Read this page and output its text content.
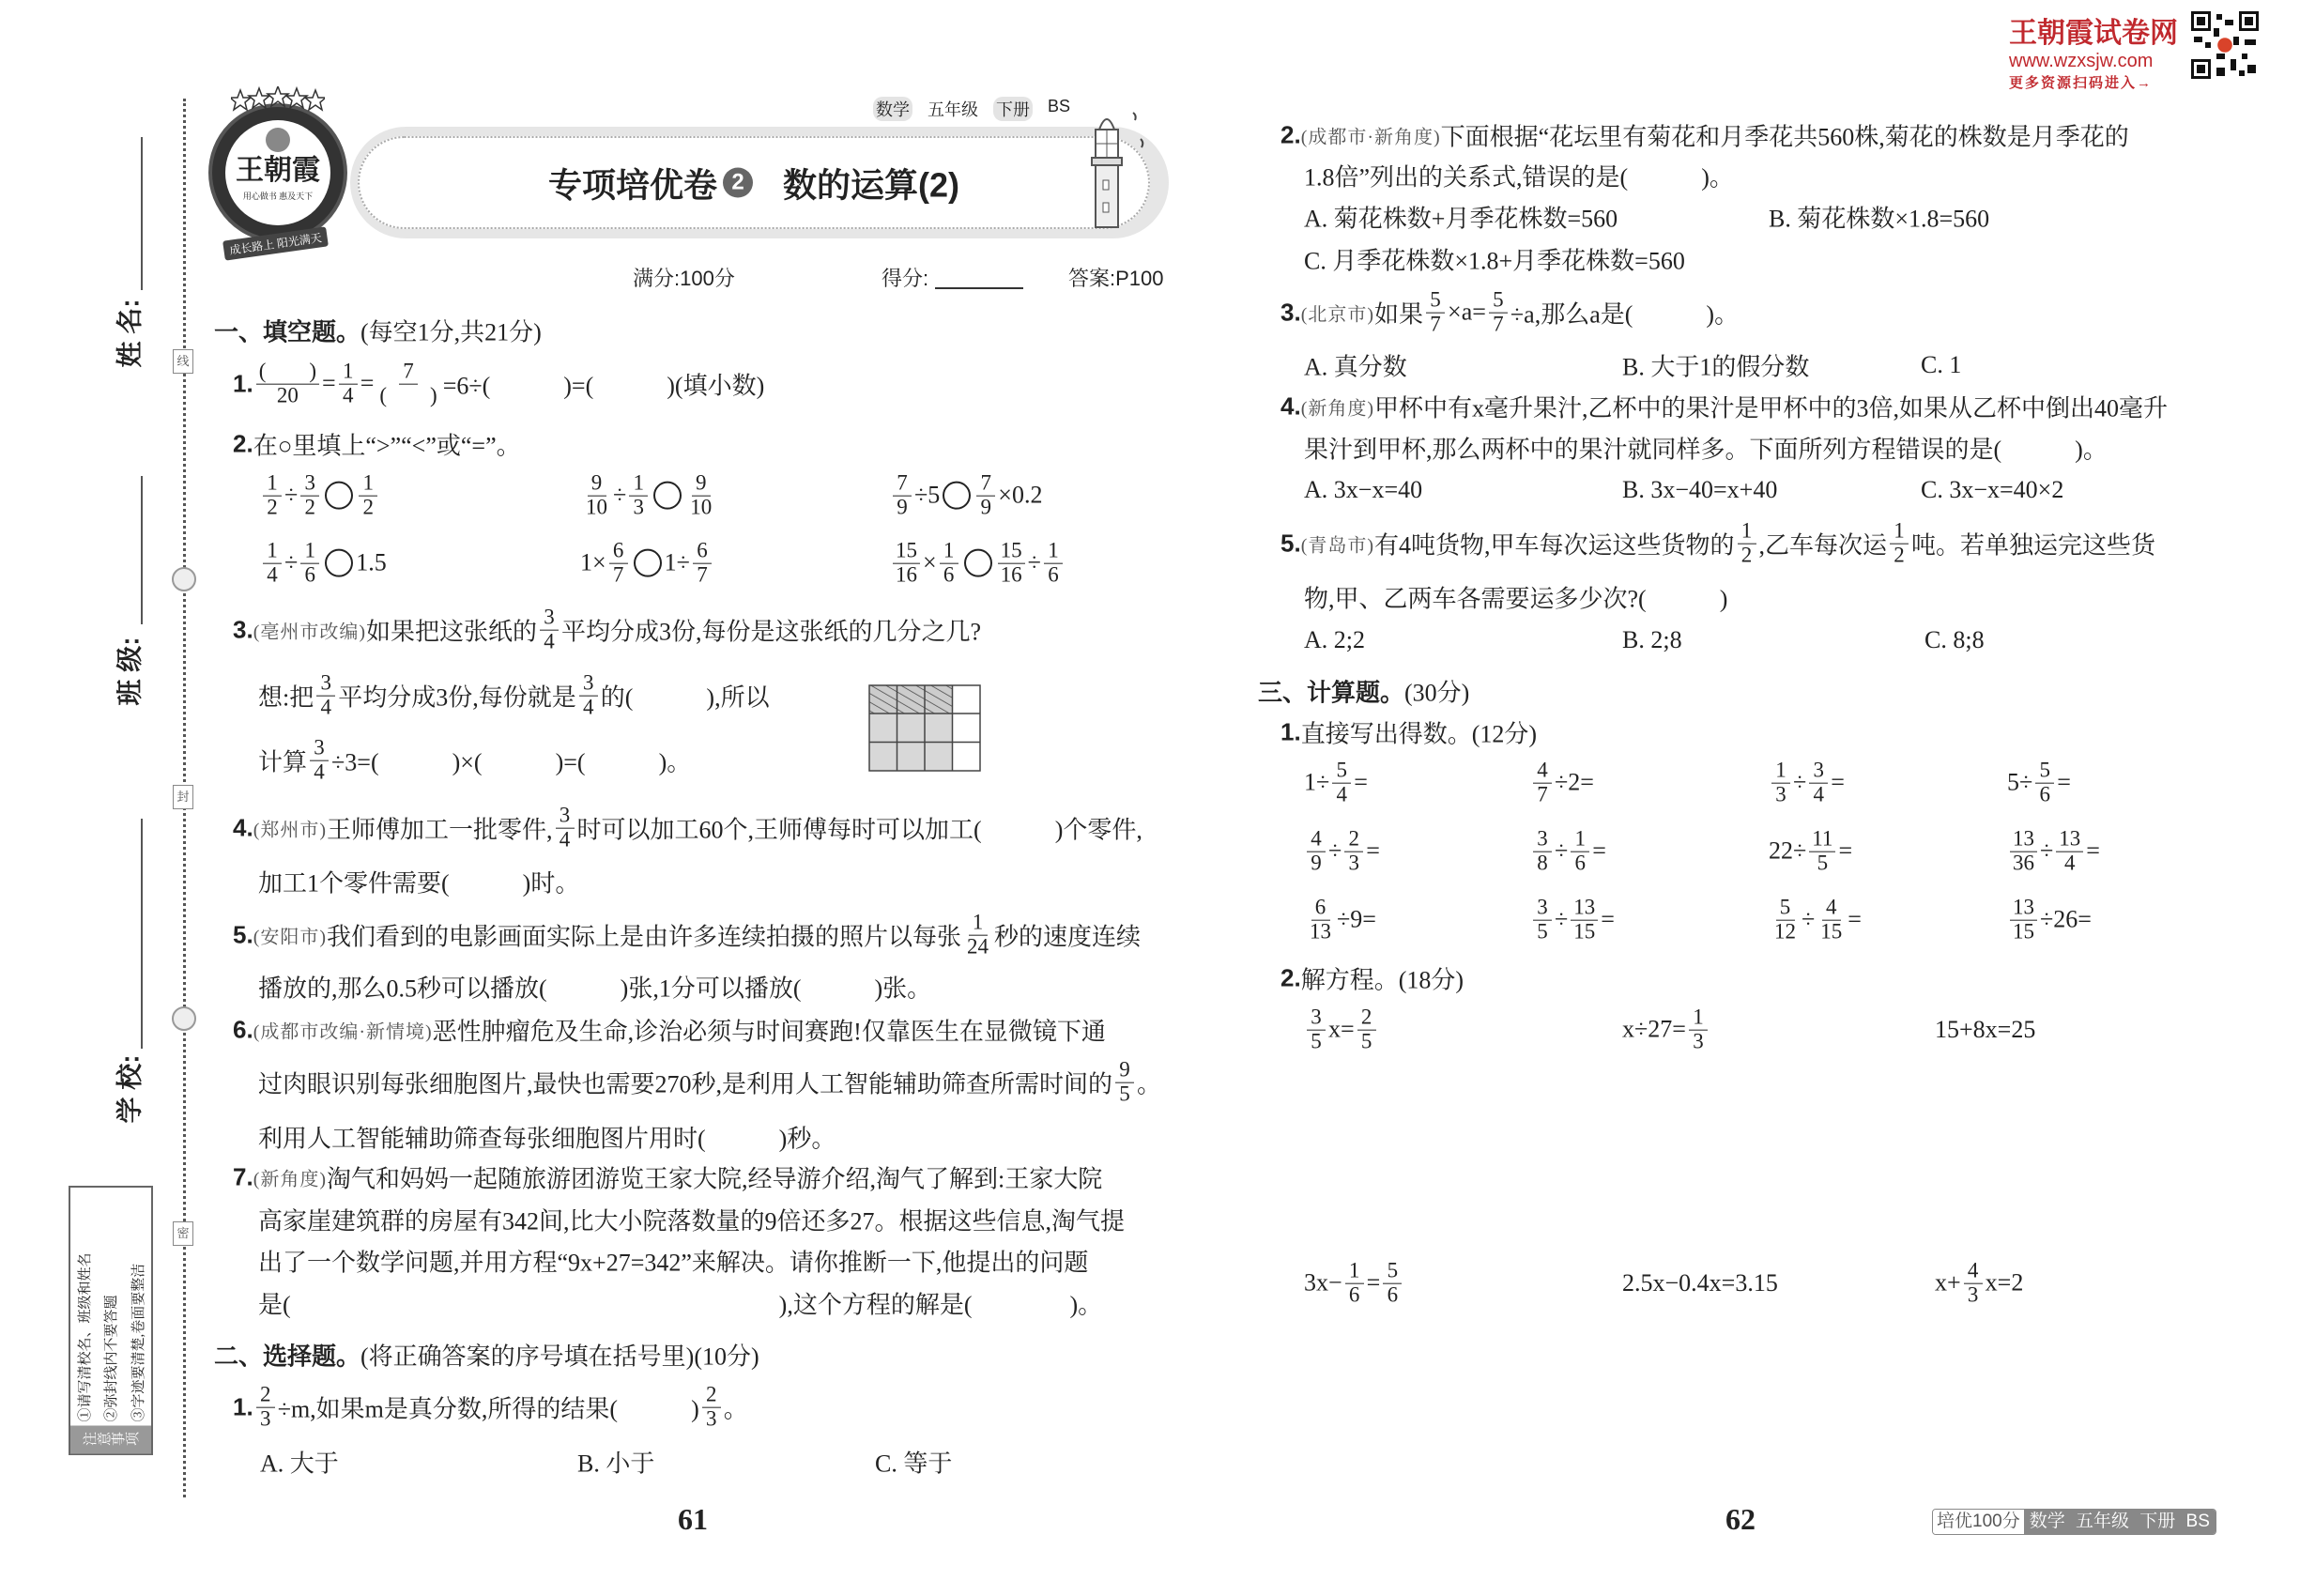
王朝霞试卷网
www.wzxsjw.com
更多资源扫码进入→
线
封
密
姓 名:
班 级:
学 校:
注意事项
①请写清校名、班级和姓名 ②弥封线内不要答题 ③字迹要清楚,卷面要整洁
专项培优卷 2 数的运算(2)
王朝霞
用心做书 惠及天下
成长路上 阳光满天
数学 五年级 下册 BS
满分:100分	得分:	答案:P100
一、填空题。 (每空1分,共21分)
1. $\frac{( )}{20} = \frac{1}{4} = \frac{7}{( )} =6\div$(　　　)=(　　　)(填小数)
2. 在○里填上“>”“<”或“=”。
$\frac{1}{2} \div \frac{3}{2} \frac{1}{2}$	$\frac{9}{10} \div \frac{1}{3} \frac{9}{10}$	$\frac{7}{9} \div 5 \frac{7}{9} \times 0.2$
$\frac{1}{4} \div \frac{1}{6} 1.5$	$1\times \frac{6}{7} 1\div \frac{6}{7}$	$\frac{15}{16} \times \frac{1}{6} \frac{15}{16} \div \frac{1}{6}$
3. (亳州市改编) 如果把这张纸的 $\frac{3}{4}$ 平均分成3份,每份是这张纸的几分之几?
想:把 $\frac{3}{4}$ 平均分成3份,每份就是 $\frac{3}{4}$ 的(　　　),所以
计算 $\frac{3}{4} \div 3=$(　　　)×(　　　)=(　　　)。
4. (郑州市) 王师傅加工一批零件, $\frac{3}{4}$ 时可以加工60个,王师傅每时可以加工(　　　)个零件,
加工1个零件需要(　　　)时。
5. (安阳市) 我们看到的电影画面实际上是由许多连续拍摄的照片以每张 $\frac{1}{24}$ 秒的速度连续
播放的,那么0.5秒可以播放(　　　)张,1分可以播放(　　　)张。
6. (成都市改编·新情境) 恶性肿瘤危及生命,诊治必须与时间赛跑!仅靠医生在显微镜下通
过肉眼识别每张细胞图片,最快也需要270秒,是利用人工智能辅助筛查所需时间的 $\frac{9}{5}$ 。
利用人工智能辅助筛查每张细胞图片用时(　　　)秒。
7. (新角度) 淘气和妈妈一起随旅游团游览王家大院,经导游介绍,淘气了解到:王家大院
高家崖建筑群的房屋有342间,比大小院落数量的9倍还多27。根据这些信息,淘气提
出了一个数学问题,并用方程“9x+27=342”来解决。请你推断一下,他提出的问题
是(　　　　　　　　　　　　　　　　　　　　),这个方程的解是(　　　　)。
二、选择题。 (将正确答案的序号填在括号里)(10分)
1. $\frac{2}{3} \div m$,如果m是真分数,所得的结果(　　　) $\frac{2}{3}$ 。
A. 大于	B. 小于	C. 等于
2. (成都市·新角度) 下面根据“花坛里有菊花和月季花共560株,菊花的株数是月季花的
1.8倍”列出的关系式,错误的是(　　　)。
A. 菊花株数+月季花株数=560	B. 菊花株数×1.8=560
C. 月季花株数×1.8+月季花株数=560
3. (北京市) 如果 $\frac{5}{7} \times a= \frac{5}{7} \div a$,那么a是(　　　)。
A. 真分数	B. 大于1的假分数	C. 1
4. (新角度) 甲杯中有x毫升果汁,乙杯中的果汁是甲杯中的3倍,如果从乙杯中倒出40毫升
果汁到甲杯,那么两杯中的果汁就同样多。下面所列方程错误的是(　　　)。
A. 3x−x=40	B. 3x−40=x+40	C. 3x−x=40×2
5. (青岛市) 有4吨货物,甲车每次运这些货物的 $\frac{1}{2}$ ,乙车每次运 $\frac{1}{2}$ 吨。若单独运完这些货
物,甲、乙两车各需要运多少次?(　　　)
A. 2;2	B. 2;8	C. 8;8
三、计算题。 (30分)
1. 直接写出得数。(12分)
$1\div \frac{5}{4}$ =	$\frac{4}{7} \div 2=$	$\frac{1}{3} \div \frac{3}{4}$ =	$5\div \frac{5}{6}$ =
$\frac{4}{9} \div \frac{2}{3}$ =	$\frac{3}{8} \div \frac{1}{6}$ =	$22\div \frac{11}{5}$ =	$\frac{13}{36} \div \frac{13}{4}$ =
$\frac{6}{13} \div 9=$	$\frac{3}{5} \div \frac{13}{15}$ =	$\frac{5}{12} \div \frac{4}{15}$ =	$\frac{13}{15} \div 26=$
2. 解方程。(18分)
$\frac{3}{5} x= \frac{2}{5}$	$x\div 27= \frac{1}{3}$	15+8x=25
$3x- \frac{1}{6} = \frac{5}{6}$	2.5x−0.4x=3.15	$x+ \frac{4}{3} x=2$
61	62	培优100分 数学 五年级 下册 BS
